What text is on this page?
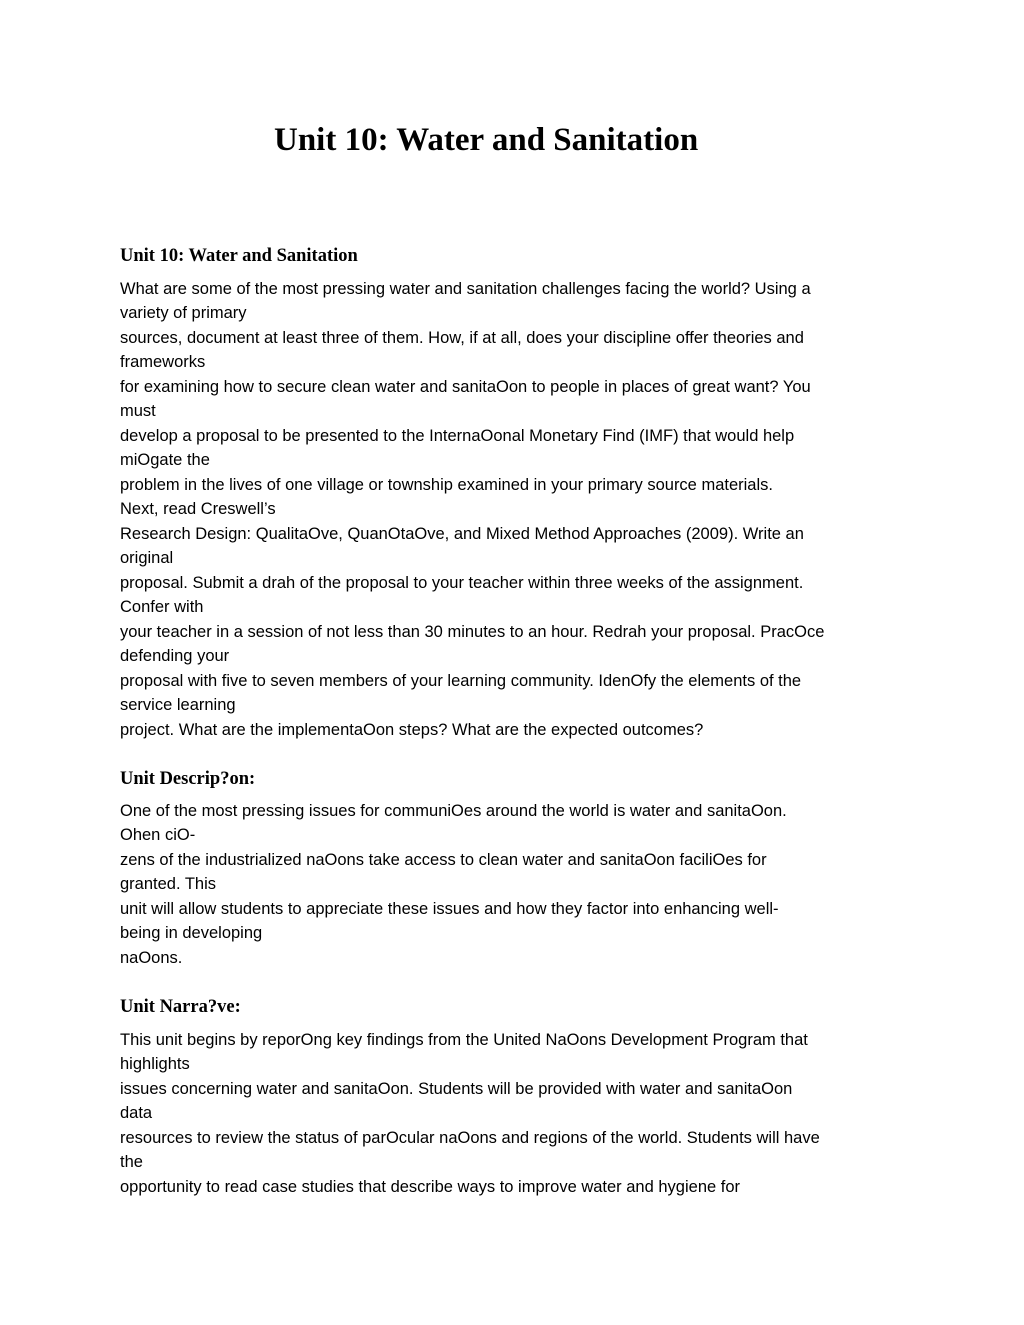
Unit 10: Water and Sanitation
Unit 10: Water and Sanitation

What are some of the most pressing water and sanitation challenges facing the world? Using a

variety of primary

sources, document at least three of them. How, if at all, does your discipline offer theories and

frameworks

for examining how to secure clean water and sanitaOon to people in places of great want? You

must

develop a proposal to be presented to the InternaOonal Monetary Find (IMF) that would help

miOgate the

problem in the lives of one village or township examined in your primary source materials.

Next, read Creswell’s

Research Design: QualitaOve, QuanOtaOve, and Mixed Method Approaches (2009). Write an

original

proposal. Submit a drah of the proposal to your teacher within three weeks of the assignment.

Confer with

your teacher in a session of not less than 30 minutes to an hour. Redrah your proposal. PracOce

defending your

proposal with five to seven members of your learning community. IdenOfy the elements of the

service learning

project. What are the implementaOon steps? What are the expected outcomes?

Unit Descrip?on:

One of the most pressing issues for communiOes around the world is water and sanitaOon.

Ohen ciO-

zens of the industrialized naOons take access to clean water and sanitaOon faciliOes for

granted. This

unit will allow students to appreciate these issues and how they factor into enhancing well-

being in developing

naOons.

Unit Narra?ve:

This unit begins by reporOng key findings from the United NaOons Development Program that

highlights

issues concerning water and sanitaOon. Students will be provided with water and sanitaOon

data

resources to review the status of parOcular naOons and regions of the world. Students will have

the

opportunity to read case studies that describe ways to improve water and hygiene for
